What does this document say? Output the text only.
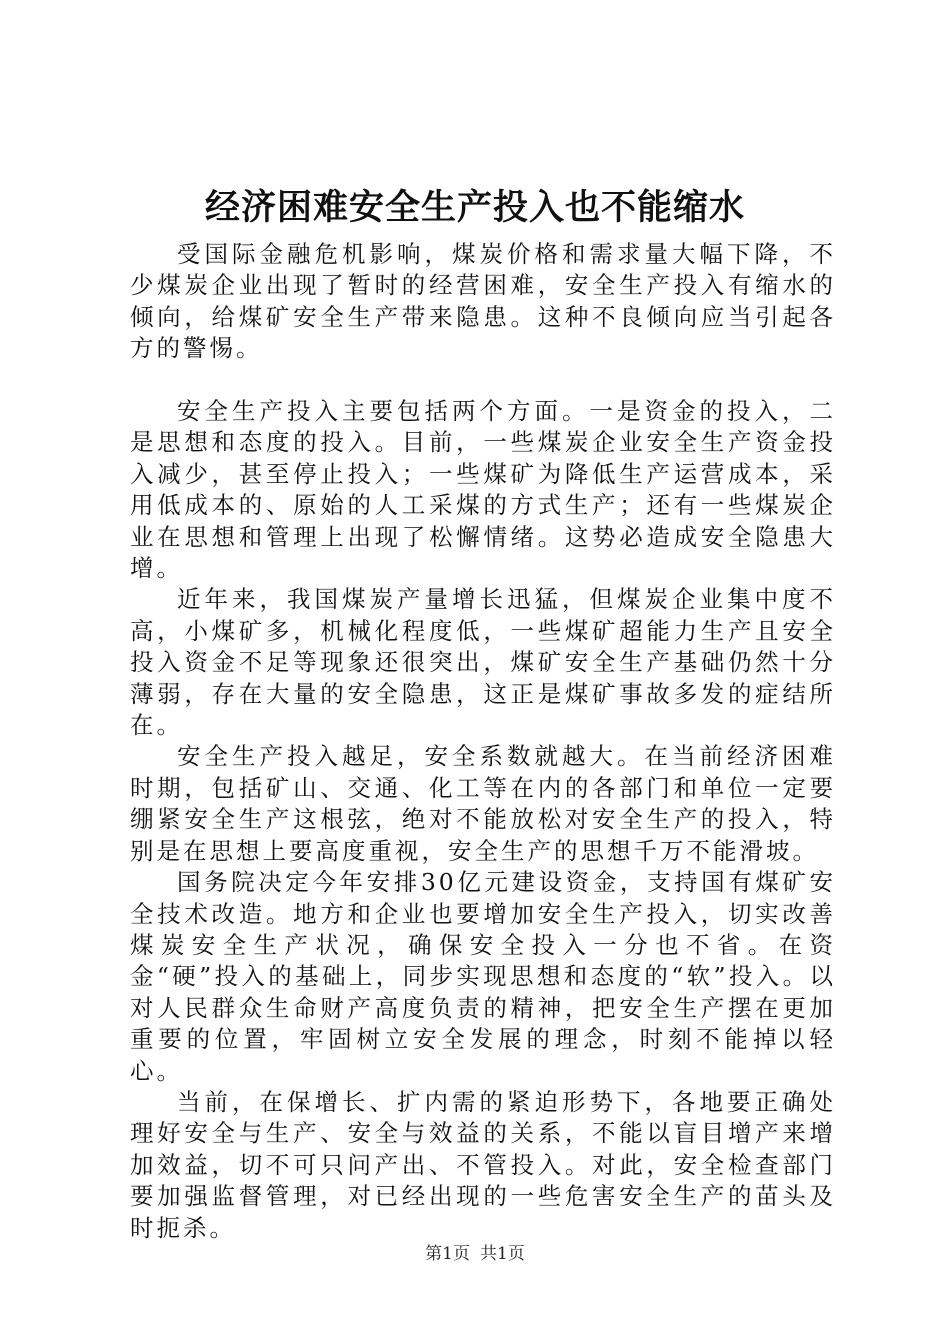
经济困难安全生产投入也不能缩水

受国际金融危机影响，煤炭价格和需求量大幅下降，不少煤炭企业出现了暂时的经营困难，安全生产投入有缩水的倾向，给煤矿安全生产带来隐患。这种不良倾向应当引起各方的警惕。

安全生产投入主要包括两个方面。一是资金的投入，二是思想和态度的投入。目前，一些煤炭企业安全生产资金投入减少，甚至停止投入；一些煤矿为降低生产运营成本，采用低成本的、原始的人工采煤的方式生产；还有一些煤炭企业在思想和管理上出现了松懈情绪。这势必造成安全隐患大增。

近年来，我国煤炭产量增长迅猛，但煤炭企业集中度不高，小煤矿多，机械化程度低，一些煤矿超能力生产且安全投入资金不足等现象还很突出，煤矿安全生产基础仍然十分薄弱，存在大量的安全隐患，这正是煤矿事故多发的症结所在。

安全生产投入越足，安全系数就越大。在当前经济困难时期，包括矿山、交通、化工等在内的各部门和单位一定要绷紧安全生产这根弦，绝对不能放松对安全生产的投入，特别是在思想上要高度重视，安全生产的思想千万不能滑坡。

国务院决定今年安排30亿元建设资金，支持国有煤矿安全技术改造。地方和企业也要增加安全生产投入，切实改善煤炭安全生产状况，确保安全投入一分也不省。在资金“硬”投入的基础上，同步实现思想和态度的“软”投入。以对人民群众生命财产高度负责的精神，把安全生产摆在更加重要的位置，牢固树立安全发展的理念，时刻不能掉以轻心。

当前，在保增长、扩内需的紧迫形势下，各地要正确处理好安全与生产、安全与效益的关系，不能以盲目增产来增加效益，切不可只问产出、不管投入。对此，安全检查部门要加强监督管理，对已经出现的一些危害安全生产的苗头及时扼杀。

第1页 共1页
